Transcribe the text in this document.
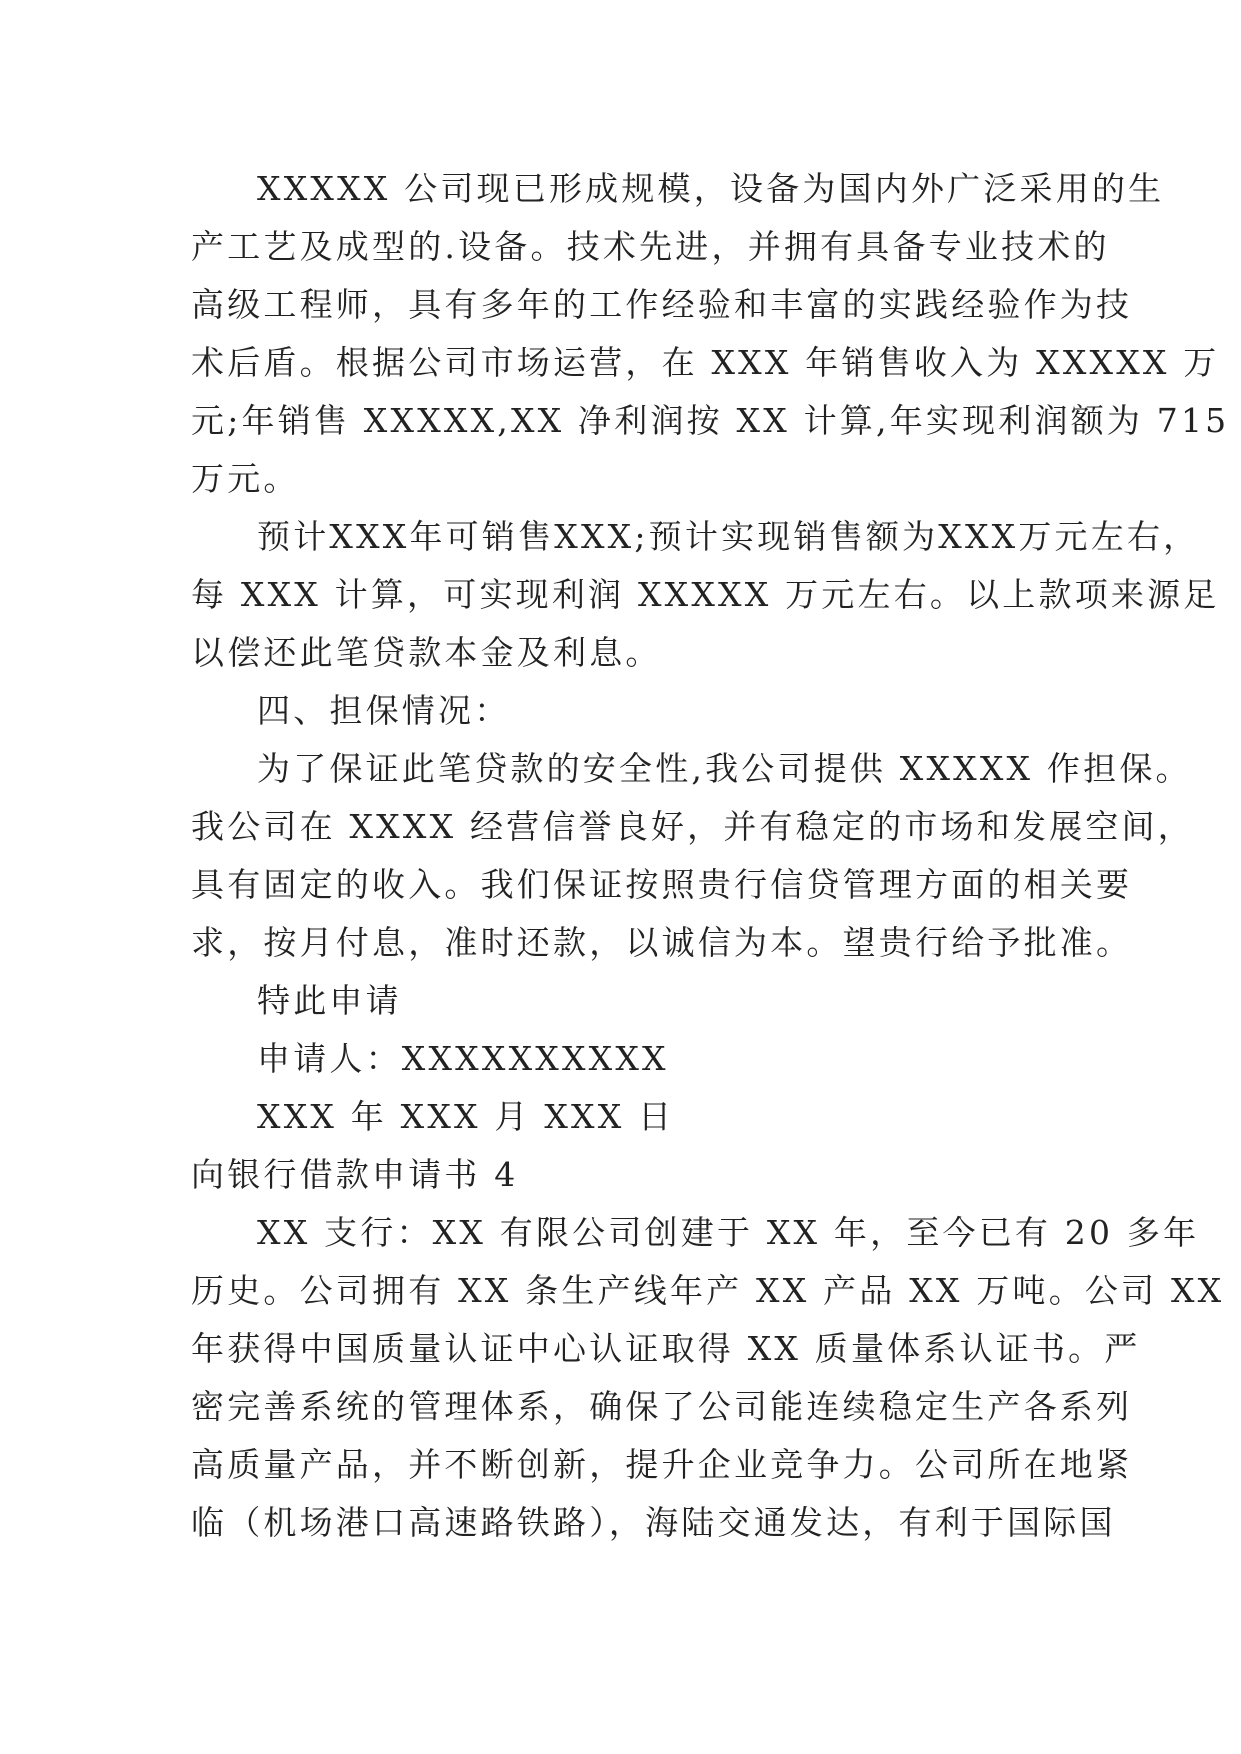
XXXXX 公司现已形成规模，设备为国内外广泛采用的生
产工艺及成型的.设备。技术先进，并拥有具备专业技术的
高级工程师，具有多年的工作经验和丰富的实践经验作为技
术后盾。根据公司市场运营，在 XXX 年销售收入为 XXXXX 万
元;年销售 XXXXX,XX 净利润按 XX 计算,年实现利润额为 715
万元。
预计XXX年可销售XXX;预计实现销售额为XXX万元左右，
每 XXX 计算，可实现利润 XXXXX 万元左右。以上款项来源足
以偿还此笔贷款本金及利息。
四、担保情况：
为了保证此笔贷款的安全性,我公司提供 XXXXX 作担保。
我公司在 XXXX 经营信誉良好，并有稳定的市场和发展空间，
具有固定的收入。我们保证按照贵行信贷管理方面的相关要
求，按月付息，准时还款，以诚信为本。望贵行给予批准。
特此申请
申请人：XXXXXXXXXX
XXX 年 XXX 月 XXX 日
向银行借款申请书 4
XX 支行：XX 有限公司创建于 XX 年，至今已有 20 多年
历史。公司拥有 XX 条生产线年产 XX 产品 XX 万吨。公司 XX
年获得中国质量认证中心认证取得 XX 质量体系认证书。严
密完善系统的管理体系，确保了公司能连续稳定生产各系列
高质量产品，并不断创新，提升企业竞争力。公司所在地紧
临（机场港口高速路铁路），海陆交通发达，有利于国际国
